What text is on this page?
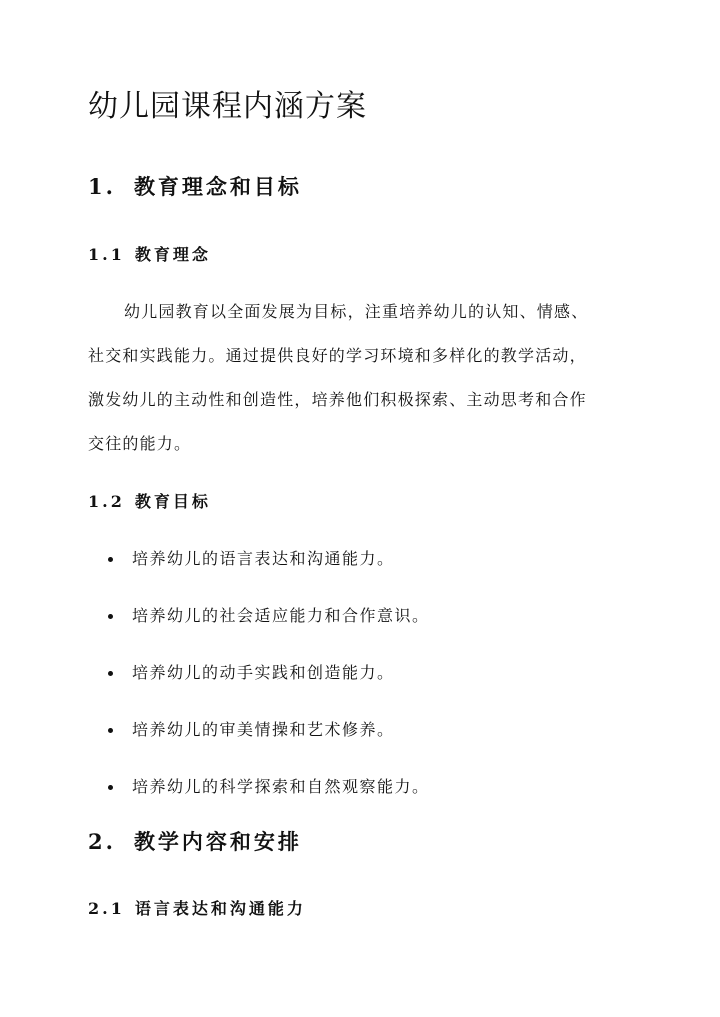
幼儿园课程内涵方案
1. 教育理念和目标
1.1 教育理念

幼儿园教育以全面发展为目标，注重培养幼儿的认知、情感、
社交和实践能力。通过提供良好的学习环境和多样化的教学活动，
激发幼儿的主动性和创造性，培养他们积极探索、主动思考和合作
交往的能力。

1.2 教育目标
培养幼儿的语言表达和沟通能力。
培养幼儿的社会适应能力和合作意识。
培养幼儿的动手实践和创造能力。
培养幼儿的审美情操和艺术修养。
培养幼儿的科学探索和自然观察能力。
2. 教学内容和安排
2.1 语言表达和沟通能力
